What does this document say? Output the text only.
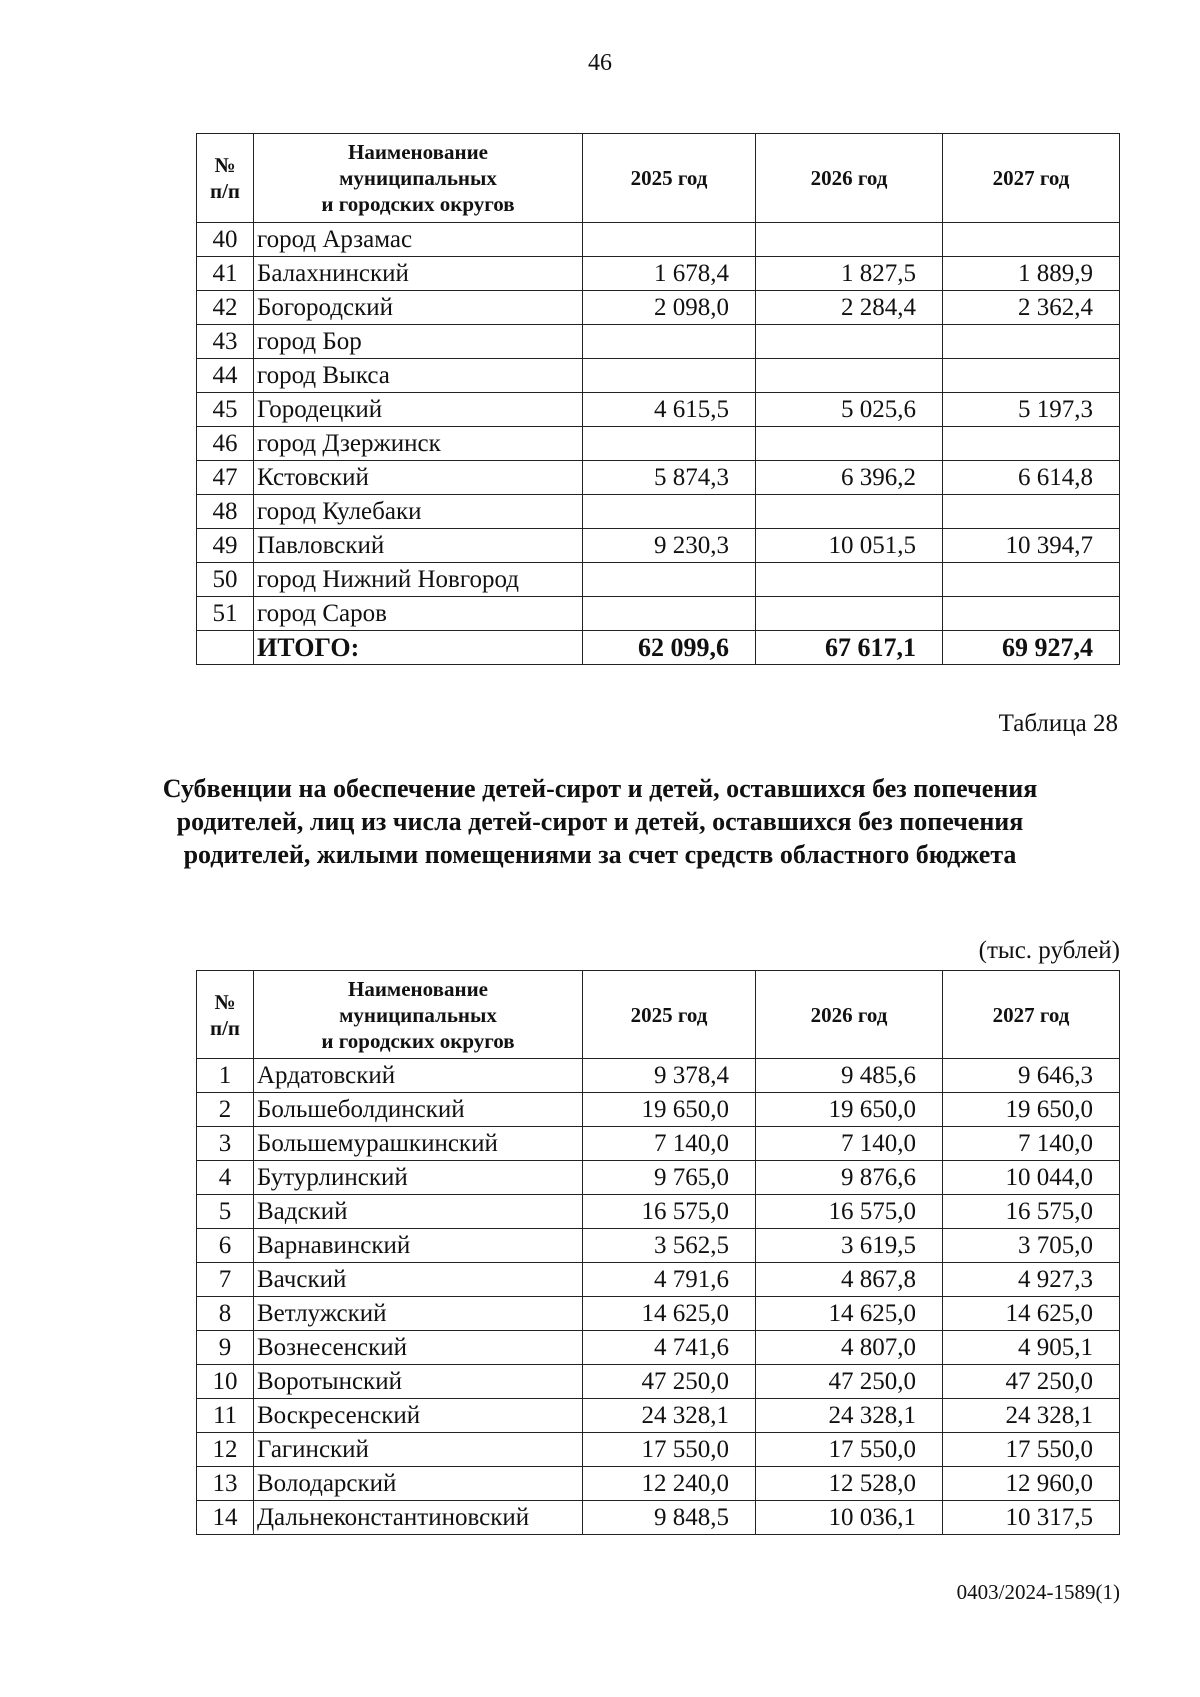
46
№
п/п	Наименование
муниципальных
и городских округов	2025 год	2026 год	2027 год
40	город Арзамас			
41	Балахнинский	1 678,4	1 827,5	1 889,9
42	Богородский	2 098,0	2 284,4	2 362,4
43	город Бор			
44	город Выкса			
45	Городецкий	4 615,5	5 025,6	5 197,3
46	город Дзержинск			
47	Кстовский	5 874,3	6 396,2	6 614,8
48	город Кулебаки			
49	Павловский	9 230,3	10 051,5	10 394,7
50	город Нижний Новгород			
51	город Саров			
	ИТОГО:	62 099,6	67 617,1	69 927,4
Таблица 28
Субвенции на обеспечение детей-сирот и детей, оставшихся без попечения родителей, лиц из числа детей-сирот и детей, оставшихся без попечения родителей, жилыми помещениями за счет средств областного бюджета
(тыс. рублей)
№
п/п	Наименование
муниципальных
и городских округов	2025 год	2026 год	2027 год
1	Ардатовский	9 378,4	9 485,6	9 646,3
2	Большеболдинский	19 650,0	19 650,0	19 650,0
3	Большемурашкинский	7 140,0	7 140,0	7 140,0
4	Бутурлинский	9 765,0	9 876,6	10 044,0
5	Вадский	16 575,0	16 575,0	16 575,0
6	Варнавинский	3 562,5	3 619,5	3 705,0
7	Вачский	4 791,6	4 867,8	4 927,3
8	Ветлужский	14 625,0	14 625,0	14 625,0
9	Вознесенский	4 741,6	4 807,0	4 905,1
10	Воротынский	47 250,0	47 250,0	47 250,0
11	Воскресенский	24 328,1	24 328,1	24 328,1
12	Гагинский	17 550,0	17 550,0	17 550,0
13	Володарский	12 240,0	12 528,0	12 960,0
14	Дальнеконстантиновский	9 848,5	10 036,1	10 317,5
0403/2024-1589(1)
